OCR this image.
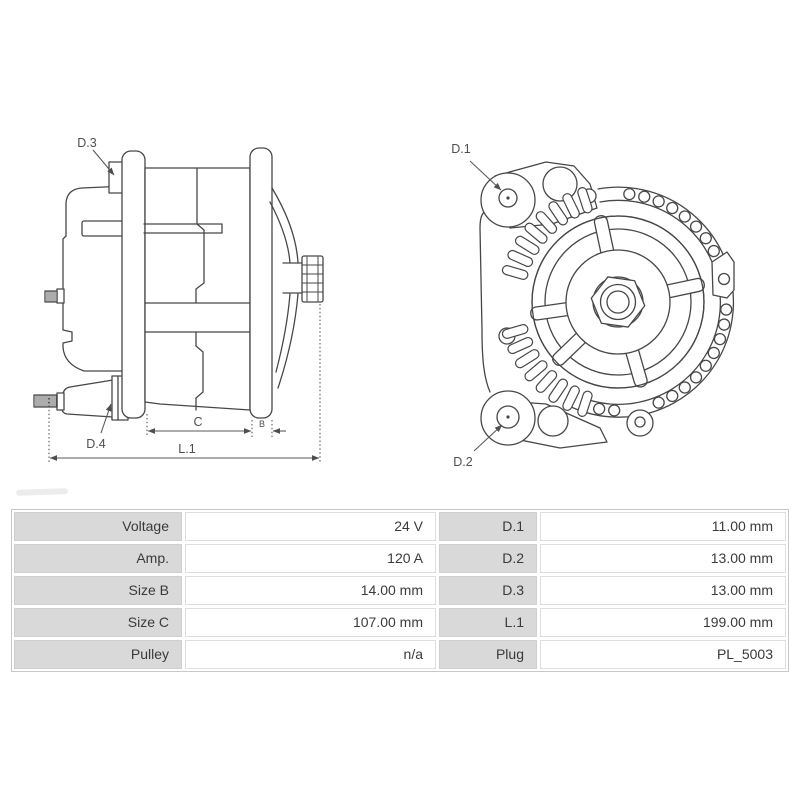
D.3
D.4
C	B
L.1
D.1
D.2
Voltage	24 V	D.1	11.00 mm
Amp.	120 A	D.2	13.00 mm
Size B	14.00 mm	D.3	13.00 mm
Size C	107.00 mm	L.1	199.00 mm
Pulley	n/a	Plug	PL_5003
